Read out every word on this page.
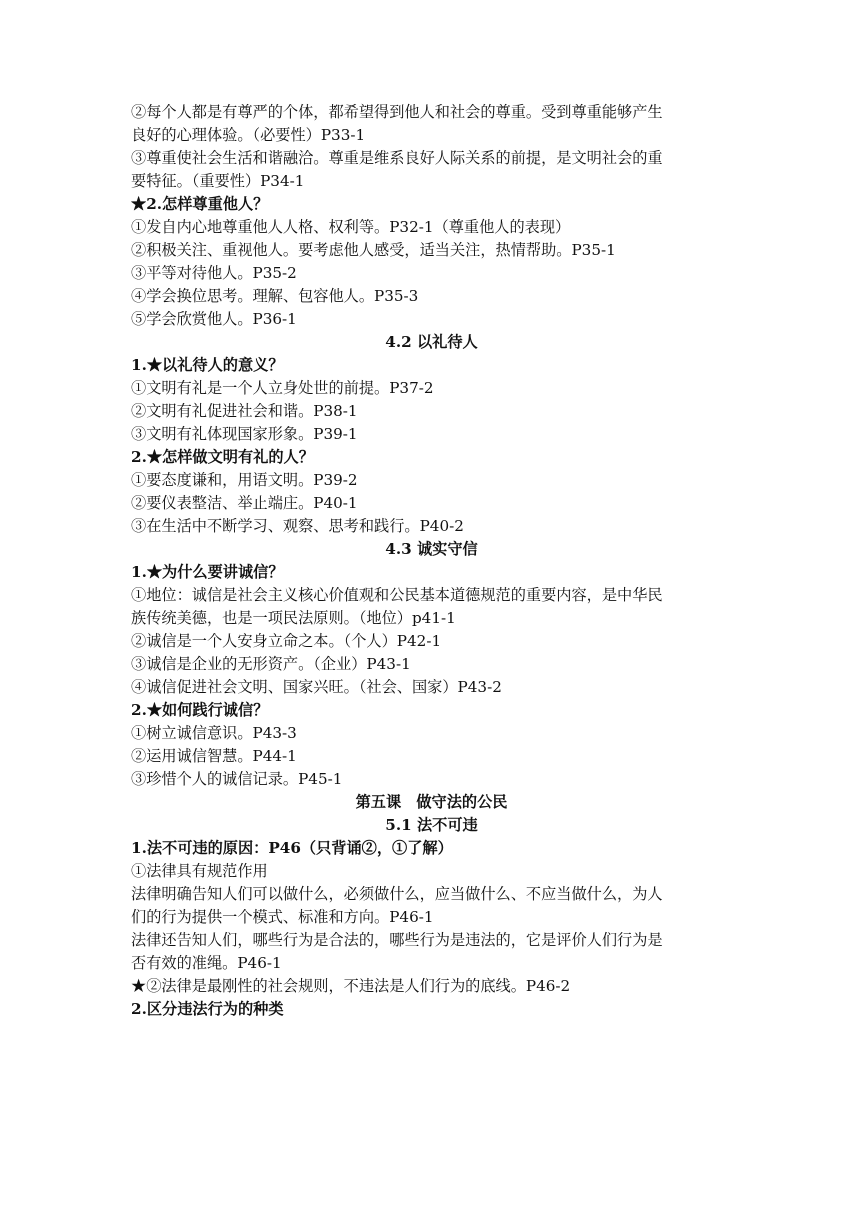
②每个人都是有尊严的个体，都希望得到他人和社会的尊重。受到尊重能够产生
良好的心理体验。（必要性）P33-1
③尊重使社会生活和谐融洽。尊重是维系良好人际关系的前提，是文明社会的重
要特征。（重要性）P34-1
★2.怎样尊重他人？
①发自内心地尊重他人人格、权利等。P32-1（尊重他人的表现）
②积极关注、重视他人。要考虑他人感受，适当关注，热情帮助。P35-1
③平等对待他人。P35-2
④学会换位思考。理解、包容他人。P35-3
⑤学会欣赏他人。P36-1
4.2 以礼待人
1.★以礼待人的意义？
①文明有礼是一个人立身处世的前提。P37-2
②文明有礼促进社会和谐。P38-1
③文明有礼体现国家形象。P39-1
2.★怎样做文明有礼的人？
①要态度谦和，用语文明。P39-2
②要仪表整洁、举止端庄。P40-1
③在生活中不断学习、观察、思考和践行。P40-2
4.3 诚实守信
1.★为什么要讲诚信？
①地位：诚信是社会主义核心价值观和公民基本道德规范的重要内容，是中华民
族传统美德，也是一项民法原则。（地位）p41-1
②诚信是一个人安身立命之本。（个人）P42-1
③诚信是企业的无形资产。（企业）P43-1
④诚信促进社会文明、国家兴旺。（社会、国家）P43-2
2.★如何践行诚信？
①树立诚信意识。P43-3
②运用诚信智慧。P44-1
③珍惜个人的诚信记录。P45-1
第五课　做守法的公民
5.1 法不可违
1.法不可违的原因：P46（只背诵②，①了解）
①法律具有规范作用
法律明确告知人们可以做什么，必须做什么，应当做什么、不应当做什么，为人
们的行为提供一个模式、标准和方向。P46-1
法律还告知人们，哪些行为是合法的，哪些行为是违法的，它是评价人们行为是
否有效的准绳。P46-1
★②法律是最刚性的社会规则，不违法是人们行为的底线。P46-2
2.区分违法行为的种类
